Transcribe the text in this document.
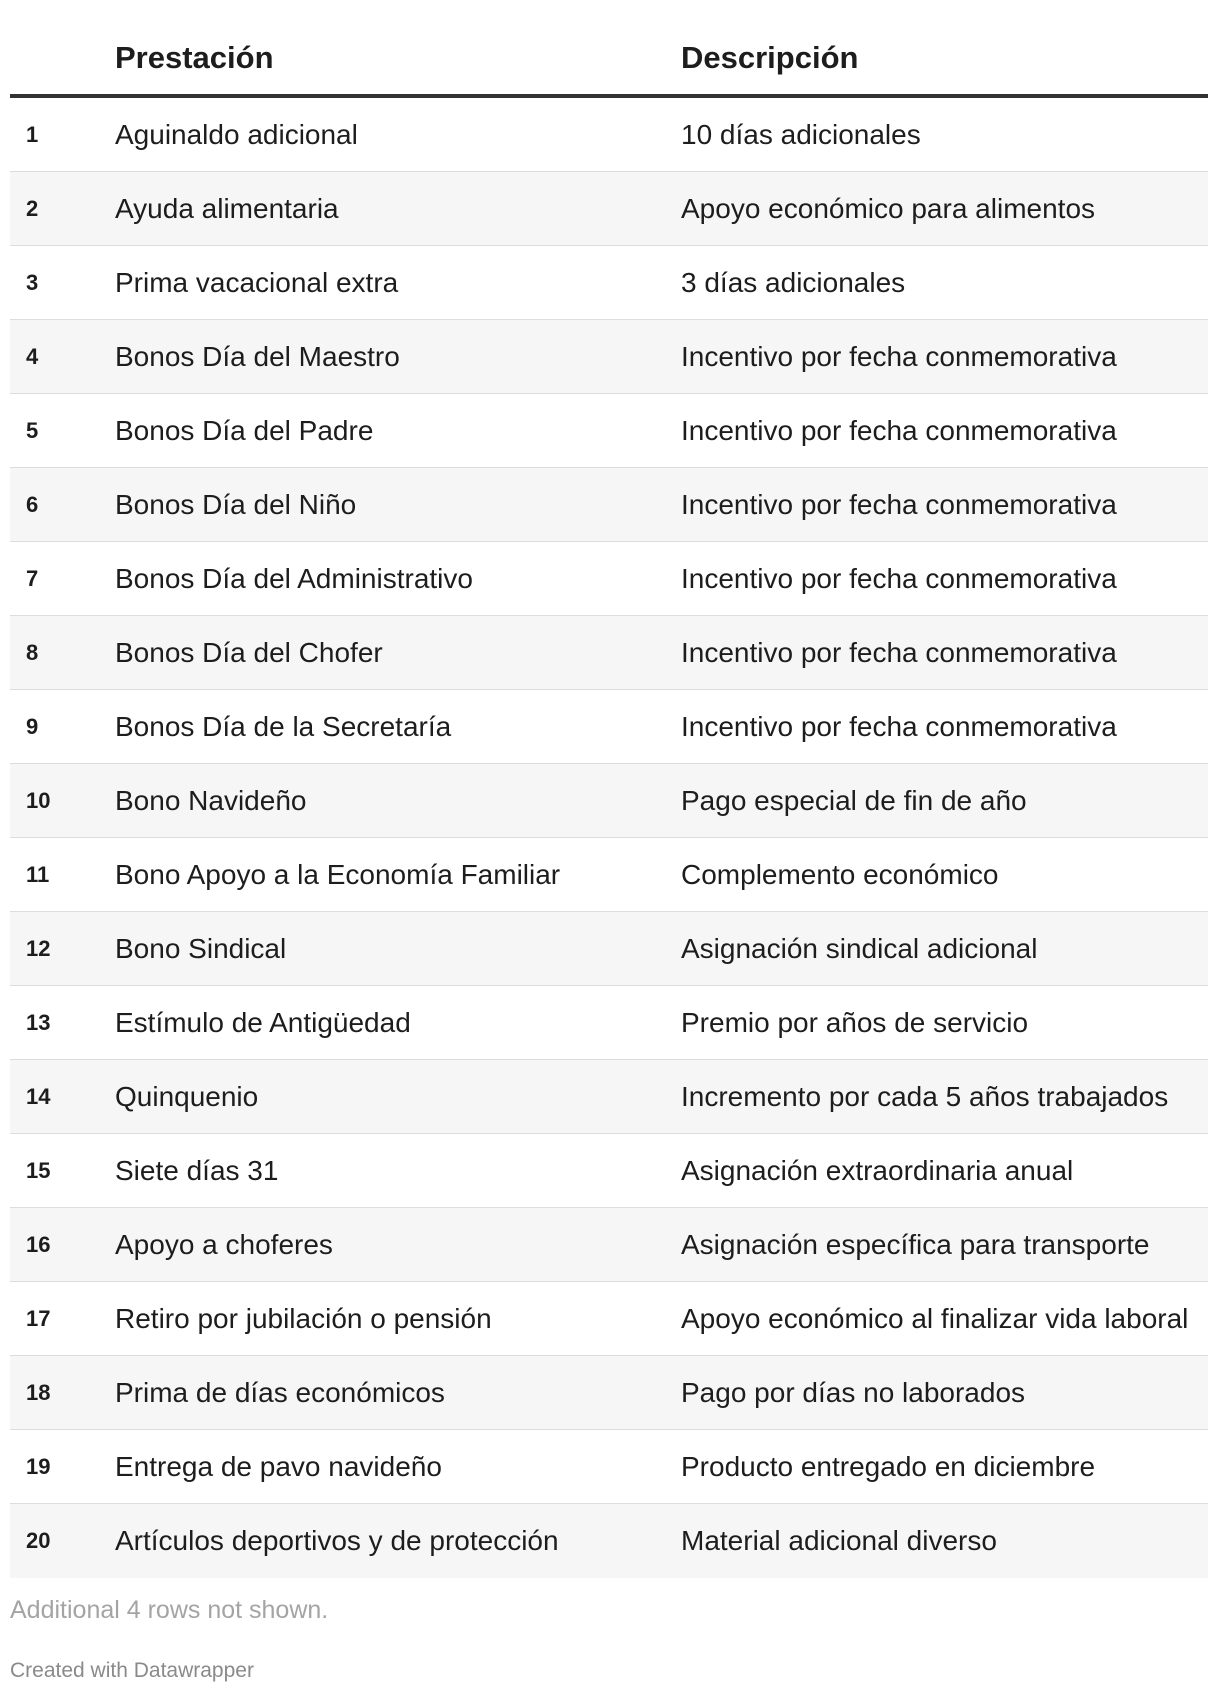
Prestación	Descripción
1	Aguinaldo adicional	10 días adicionales
2	Ayuda alimentaria	Apoyo económico para alimentos
3	Prima vacacional extra	3 días adicionales
4	Bonos Día del Maestro	Incentivo por fecha conmemorativa
5	Bonos Día del Padre	Incentivo por fecha conmemorativa
6	Bonos Día del Niño	Incentivo por fecha conmemorativa
7	Bonos Día del Administrativo	Incentivo por fecha conmemorativa
8	Bonos Día del Chofer	Incentivo por fecha conmemorativa
9	Bonos Día de la Secretaría	Incentivo por fecha conmemorativa
10	Bono Navideño	Pago especial de fin de año
11	Bono Apoyo a la Economía Familiar	Complemento económico
12	Bono Sindical	Asignación sindical adicional
13	Estímulo de Antigüedad	Premio por años de servicio
14	Quinquenio	Incremento por cada 5 años trabajados
15	Siete días 31	Asignación extraordinaria anual
16	Apoyo a choferes	Asignación específica para transporte
17	Retiro por jubilación o pensión	Apoyo económico al finalizar vida laboral
18	Prima de días económicos	Pago por días no laborados
19	Entrega de pavo navideño	Producto entregado en diciembre
20	Artículos deportivos y de protección	Material adicional diverso
Additional 4 rows not shown.
Created with Datawrapper
